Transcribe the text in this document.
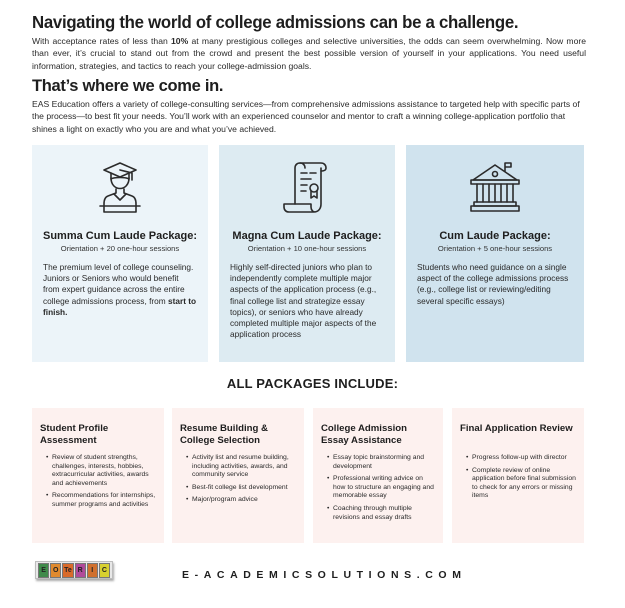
Navigating the world of college admissions can be a challenge.

With acceptance rates of less than 10% at many prestigious colleges and selective universities, the odds can seem overwhelming. Now more than ever, it’s crucial to stand out from the crowd and present the best possible version of yourself in your applications. You need useful information, strategies, and tactics to reach your college-admission goals.

That’s where we come in.

EAS Education offers a variety of college-consulting services—from comprehensive admissions assistance to targeted help with specific parts of the process—to best fit your needs. You’ll work with an experienced counselor and mentor to craft a winning college-application portfolio that shines a light on exactly who you are and what you’ve achieved.

Summa Cum Laude Package:
Orientation + 20 one-hour sessions
The premium level of college counseling. Juniors or Seniors who would benefit from expert guidance across the entire college admissions process, from start to finish.
Magna Cum Laude Package:
Orientation + 10 one-hour sessions
Highly self-directed juniors who plan to independently complete multiple major aspects of the application process (e.g., final college list and strategize essay topics), or seniors who have already completed multiple major aspects of the application process
Cum Laude Package:
Orientation + 5 one-hour sessions
Students who need guidance on a single aspect of the college admissions process (e.g., college list or reviewing/editing several specific essays)
ALL PACKAGES INCLUDE:
Student Profile Assessment
• Review of student strengths, challenges, interests, hobbies, extracurricular activities, awards and achievements
• Recommendations for internships, summer programs and activities
Resume Building & College Selection
• Activity list and resume building, including activities, awards, and community service
• Best-fit college list development
• Major/program advice
College Admission Essay Assistance
• Essay topic brainstorming and development
• Professional writing advice on how to structure an engaging and memorable essay
• Coaching through multiple revisions and essay drafts
Final Application Review
• Progress follow-up with director
• Complete review of online application before final submission to check for any errors or missing items
E	O Te R	I	C	E-ACADEMICSOLUTIONS.COM
